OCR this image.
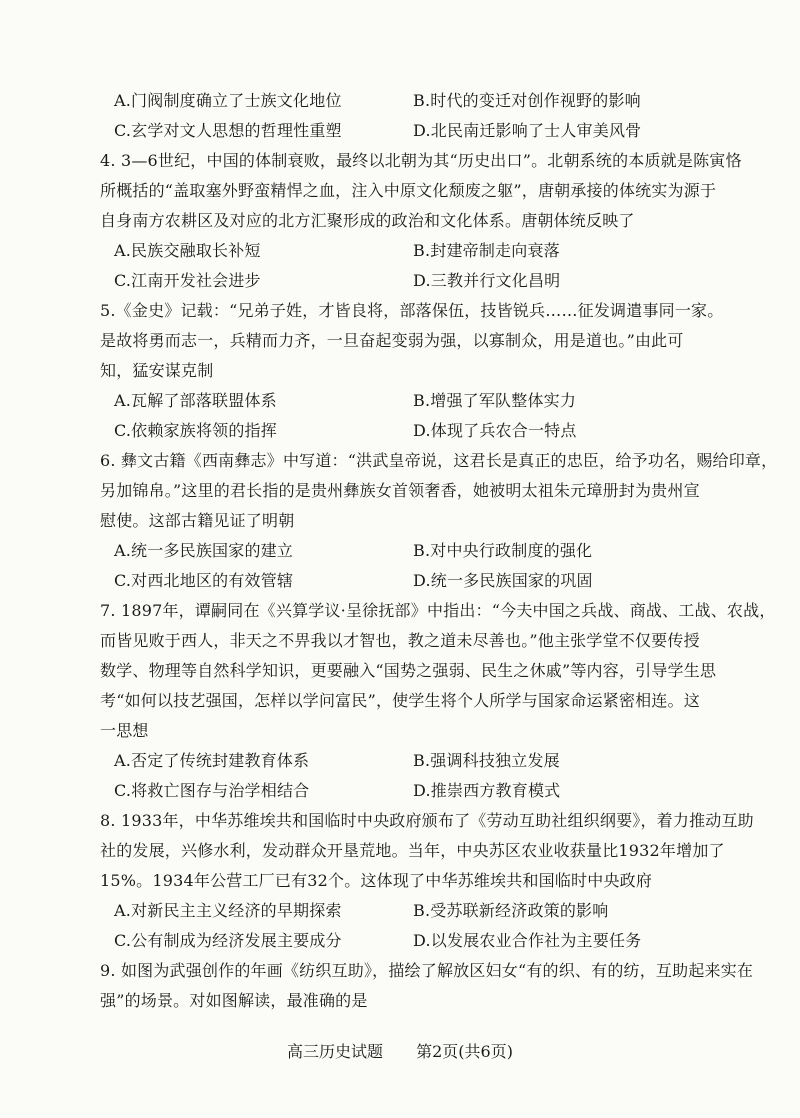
A.门阀制度确立了士族文化地位	B.时代的变迁对创作视野的影响
C.玄学对文人思想的哲理性重塑	D.北民南迁影响了士人审美风骨
4. 3—6世纪，中国的体制衰败，最终以北朝为其“历史出口”。北朝系统的本质就是陈寅恪
所概括的“盖取塞外野蛮精悍之血，注入中原文化颓废之躯”，唐朝承接的体统实为源于
自身南方农耕区及对应的北方汇聚形成的政治和文化体系。唐朝体统反映了
A.民族交融取长补短	B.封建帝制走向衰落
C.江南开发社会进步	D.三教并行文化昌明
5.《金史》记载：“兄弟子姓，才皆良将，部落保伍，技皆锐兵……征发调遣事同一家。
是故将勇而志一，兵精而力齐，一旦奋起变弱为强，以寡制众，用是道也。”由此可
知，猛安谋克制
A.瓦解了部落联盟体系	B.增强了军队整体实力
C.依赖家族将领的指挥	D.体现了兵农合一特点
6. 彝文古籍《西南彝志》中写道：“洪武皇帝说，这君长是真正的忠臣，给予功名，赐给印章，
另加锦帛。”这里的君长指的是贵州彝族女首领奢香，她被明太祖朱元璋册封为贵州宣
慰使。这部古籍见证了明朝
A.统一多民族国家的建立	B.对中央行政制度的强化
C.对西北地区的有效管辖	D.统一多民族国家的巩固
7. 1897年，谭嗣同在《兴算学议·呈徐抚部》中指出：“今夫中国之兵战、商战、工战、农战，
而皆见败于西人，非天之不畀我以才智也，教之道未尽善也。”他主张学堂不仅要传授
数学、物理等自然科学知识，更要融入“国势之强弱、民生之休戚”等内容，引导学生思
考“如何以技艺强国，怎样以学问富民”，使学生将个人所学与国家命运紧密相连。这
一思想
A.否定了传统封建教育体系	B.强调科技独立发展
C.将救亡图存与治学相结合	D.推崇西方教育模式
8. 1933年，中华苏维埃共和国临时中央政府颁布了《劳动互助社组织纲要》，着力推动互助
社的发展，兴修水利，发动群众开垦荒地。当年，中央苏区农业收获量比1932年增加了
15%。1934年公营工厂已有32个。这体现了中华苏维埃共和国临时中央政府
A.对新民主主义经济的早期探索	B.受苏联新经济政策的影响
C.公有制成为经济发展主要成分	D.以发展农业合作社为主要任务
9. 如图为武强创作的年画《纺织互助》，描绘了解放区妇女“有的织、有的纺，互助起来实在
强”的场景。对如图解读，最准确的是
高三历史试题 第2页(共6页)
